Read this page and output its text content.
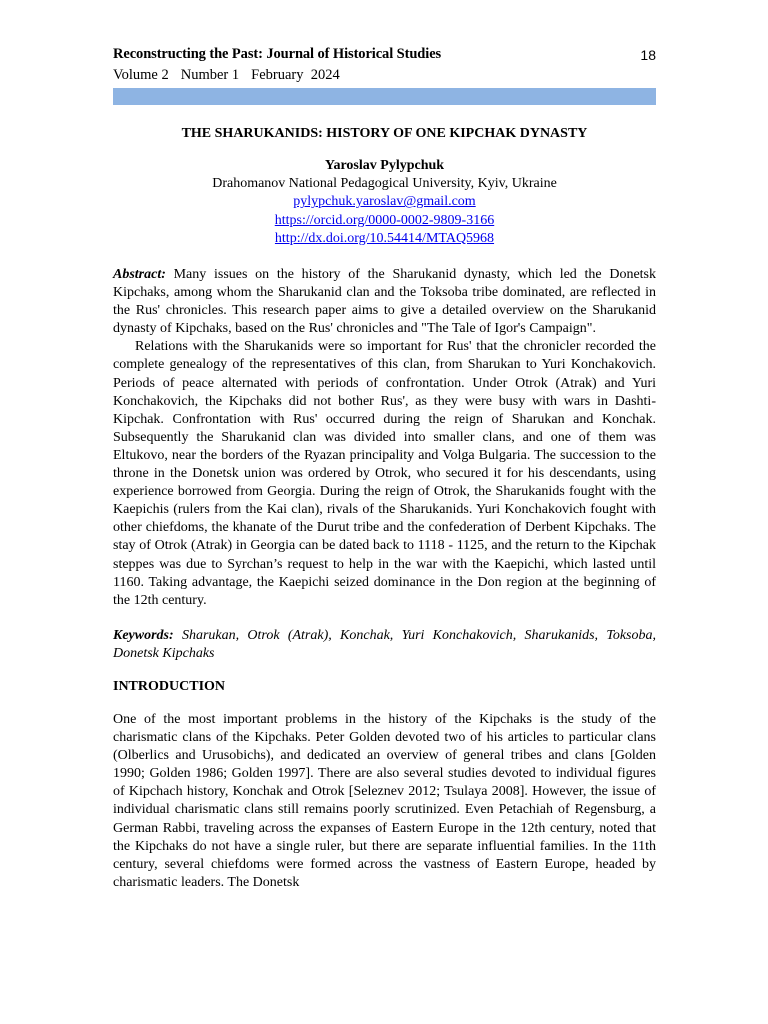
Reconstructing the Past: Journal of Historical Studies	18
Volume 2 Number 1 February  2024
THE SHARUKANIDS: HISTORY OF ONE KIPCHAK DYNASTY
Yaroslav Pylypchuk
Drahomanov National Pedagogical University, Kyiv, Ukraine
pylypchuk.yaroslav@gmail.com
https://orcid.org/0000-0002-9809-3166
http://dx.doi.org/10.54414/MTAQ5968

Abstract: Many issues on the history of the Sharukanid dynasty, which led the Donetsk Kipchaks, among whom the Sharukanid clan and the Toksoba tribe dominated, are reflected in the Rus' chronicles. This research paper aims to give a detailed overview on the Sharukanid dynasty of Kipchaks, based on the Rus' chronicles and "The Tale of Igor's Campaign".

Relations with the Sharukanids were so important for Rus' that the chronicler recorded the complete genealogy of the representatives of this clan, from Sharukan to Yuri Konchakovich. Periods of peace alternated with periods of confrontation. Under Otrok (Atrak) and Yuri Konchakovich, the Kipchaks did not bother Rus', as they were busy with wars in Dashti-Kipchak. Confrontation with Rus' occurred during the reign of Sharukan and Konchak. Subsequently the Sharukanid clan was divided into smaller clans, and one of them was Eltukovo, near the borders of the Ryazan principality and Volga Bulgaria. The succession to the throne in the Donetsk union was ordered by Otrok, who secured it for his descendants, using experience borrowed from Georgia. During the reign of Otrok, the Sharukanids fought with the Kaepichis (rulers from the Kai clan), rivals of the Sharukanids. Yuri Konchakovich fought with other chiefdoms, the khanate of the Durut tribe and the confederation of Derbent Kipchaks. The stay of Otrok (Atrak) in Georgia can be dated back to 1118 - 1125, and the return to the Kipchak steppes was due to Syrchan’s request to help in the war with the Kaepichi, which lasted until 1160. Taking advantage, the Kaepichi seized dominance in the Don region at the beginning of the 12th century.

Keywords: Sharukan, Otrok (Atrak), Konchak, Yuri Konchakovich, Sharukanids, Toksoba, Donetsk Kipchaks
INTRODUCTION
One of the most important problems in the history of the Kipchaks is the study of the charismatic clans of the Kipchaks. Peter Golden devoted two of his articles to particular clans (Olberlics and Urusobichs), and dedicated an overview of general tribes and clans [Golden 1990; Golden 1986; Golden 1997]. There are also several studies devoted to individual figures of Kipchach history, Konchak and Otrok [Seleznev 2012; Tsulaya 2008]. However, the issue of individual charismatic clans still remains poorly scrutinized. Even Petachiah of Regensburg, a German Rabbi, traveling across the expanses of Eastern Europe in the 12th century, noted that the Kipchaks do not have a single ruler, but there are separate influential families. In the 11th century, several chiefdoms were formed across the vastness of Eastern Europe, headed by charismatic leaders. The Donetsk
